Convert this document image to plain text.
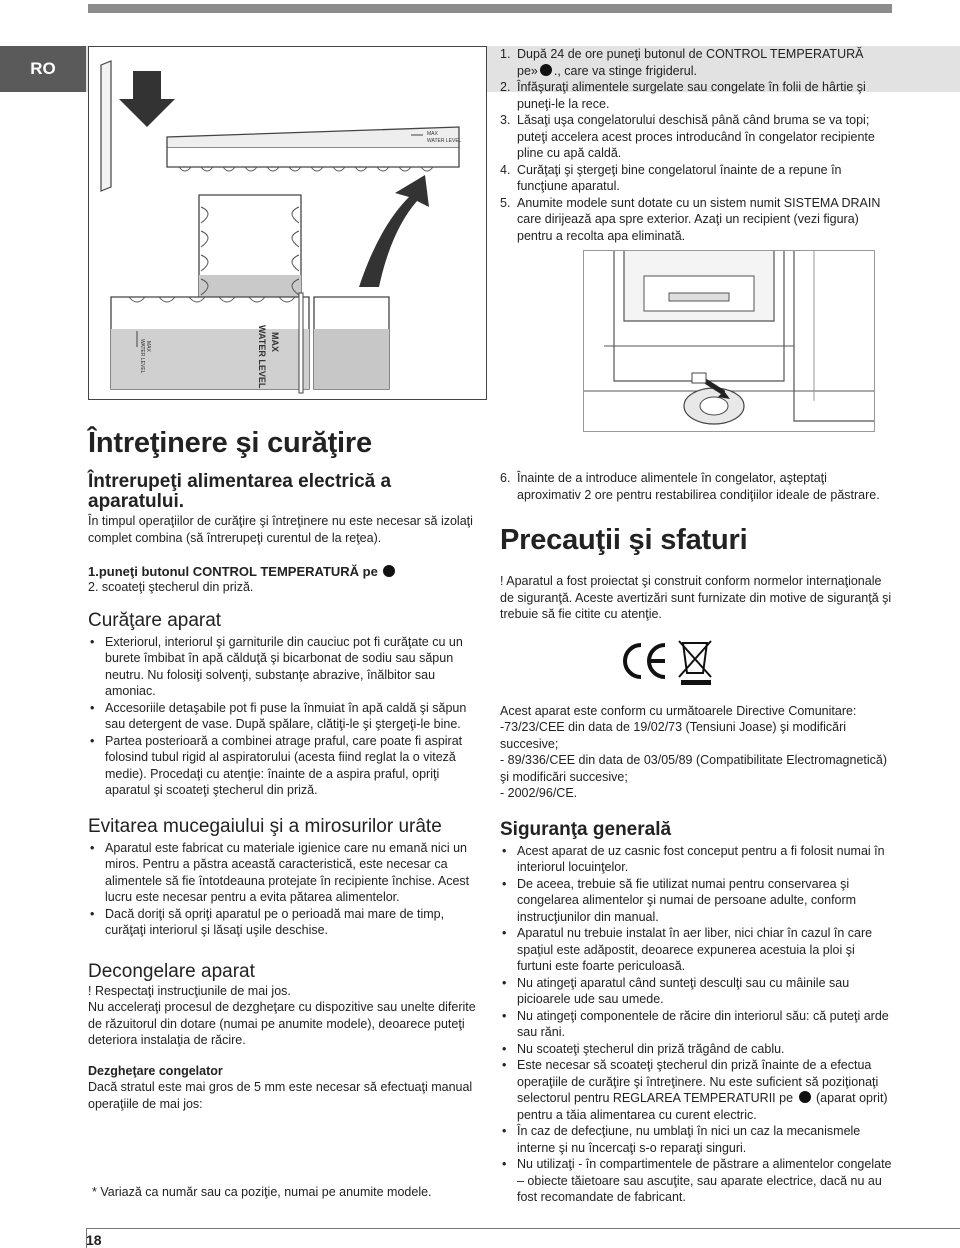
RO
MAX
WATER LEVEL
MAX
WATER LEVEL
MAX
WATER LEVEL
1. După 24 de ore puneţi butonul de CONTROL TEMPERATURĂ pe» ., care va stinge frigiderul.
2. Înfăşuraţi alimentele surgelate sau congelate în folii de hârtie şi puneţi-le la rece.
3. Lăsaţi uşa congelatorului deschisă până când bruma se va topi; puteţi accelera acest proces introducând în congelator recipiente pline cu apă caldă.
4. Curăţaţi şi ştergeţi bine congelatorul înainte de a repune în funcţiune aparatul.
5. Anumite modele sunt dotate cu un sistem numit SISTEMA DRAIN care dirijează apa spre exterior. Azaţi un recipient (vezi figura) pentru a recolta apa eliminată.
Întreţinere şi curăţire
Întrerupeţi alimentarea electrică a aparatului.
În timpul operaţiilor de curăţire şi întreţinere nu este necesar să izolaţi complet combina (să întrerupeţi curentul de la reţea).
1.puneţi butonul CONTROL TEMPERATURĂ pe
2. scoateţi ştecherul din priză.
Curăţare aparat
• Exteriorul, interiorul şi garniturile din cauciuc pot fi curăţate cu un burete îmbibat în apă călduţă şi bicarbonat de sodiu sau săpun neutru. Nu folosiţi solvenţi, substanţe abrazive, înălbitor sau amoniac.
• Accesoriile detaşabile pot fi puse la înmuiat în apă caldă şi săpun sau detergent de vase. După spălare, clătiţi-le şi ştergeţi-le bine.
• Partea posterioară a combinei atrage praful, care poate fi aspirat folosind tubul rigid al aspiratorului (acesta fiind reglat la o viteză medie). Procedaţi cu atenţie: înainte de a aspira praful, opriţi aparatul şi scoateţi ştecherul din priză.
Evitarea mucegaiului şi a mirosurilor urâte
• Aparatul este fabricat cu materiale igienice care nu emană nici un miros. Pentru a păstra această caracteristică, este necesar ca alimentele să fie întotdeauna protejate în recipiente închise. Acest lucru este necesar pentru a evita pătarea alimentelor.
• Dacă doriţi să opriţi aparatul pe o perioadă mai mare de timp, curăţaţi interiorul şi lăsaţi uşile deschise.
Decongelare aparat
! Respectaţi instrucţiunile de mai jos.
Nu acceleraţi procesul de dezgheţare cu dispozitive sau unelte diferite de răzuitorul din dotare (numai pe anumite modele), deoarece puteţi deteriora instalaţia de răcire.
Dezgheţare congelator
Dacă stratul este mai gros de 5 mm este necesar să efectuaţi manual operaţiile de mai jos:
* Variază ca număr sau ca poziţie, numai pe anumite modele.
6. Înainte de a introduce alimentele în congelator, aşteptaţi aproximativ 2 ore pentru restabilirea condiţiilor ideale de păstrare.
Precauţii şi sfaturi
! Aparatul a fost proiectat şi construit conform normelor internaţionale de siguranţă. Aceste avertizări sunt furnizate din motive de siguranţă şi trebuie să fie citite cu atenţie.
Acest aparat este conform cu următoarele Directive Comunitare:
-73/23/CEE din data de 19/02/73 (Tensiuni Joase) şi modificări succesive;
- 89/336/CEE din data de 03/05/89 (Compatibilitate Electromagnetică) şi modificări succesive;
- 2002/96/CE.
Siguranţa generală
• Acest aparat de uz casnic fost conceput pentru a fi folosit numai în interiorul locuinţelor.
• De aceea, trebuie să fie utilizat numai pentru conservarea şi congelarea alimentelor şi numai de persoane adulte, conform instrucţiunilor din manual.
• Aparatul nu trebuie instalat în aer liber, nici chiar în cazul în care spaţiul este adăpostit, deoarece expunerea acestuia la ploi şi furtuni este foarte periculoasă.
• Nu atingeţi aparatul când sunteţi desculţi sau cu mâinile sau picioarele ude sau umede.
• Nu atingeţi componentele de răcire din interiorul său: că puteţi arde sau răni.
• Nu scoateţi ştecherul din priză trăgând de cablu.
• Este necesar să scoateţi ştecherul din priză înainte de a efectua operaţiile de curăţire şi întreţinere. Nu este suficient să poziţionaţi selectorul pentru REGLAREA TEMPERATURII pe (aparat oprit) pentru a tăia alimentarea cu curent electric.
• În caz de defecţiune, nu umblaţi în nici un caz la mecanismele interne şi nu încercaţi s-o reparaţi singuri.
• Nu utilizaţi - în compartimentele de păstrare a alimentelor congelate – obiecte tăietoare sau ascuţite, sau aparate electrice, dacă nu au fost recomandate de fabricant.
18
